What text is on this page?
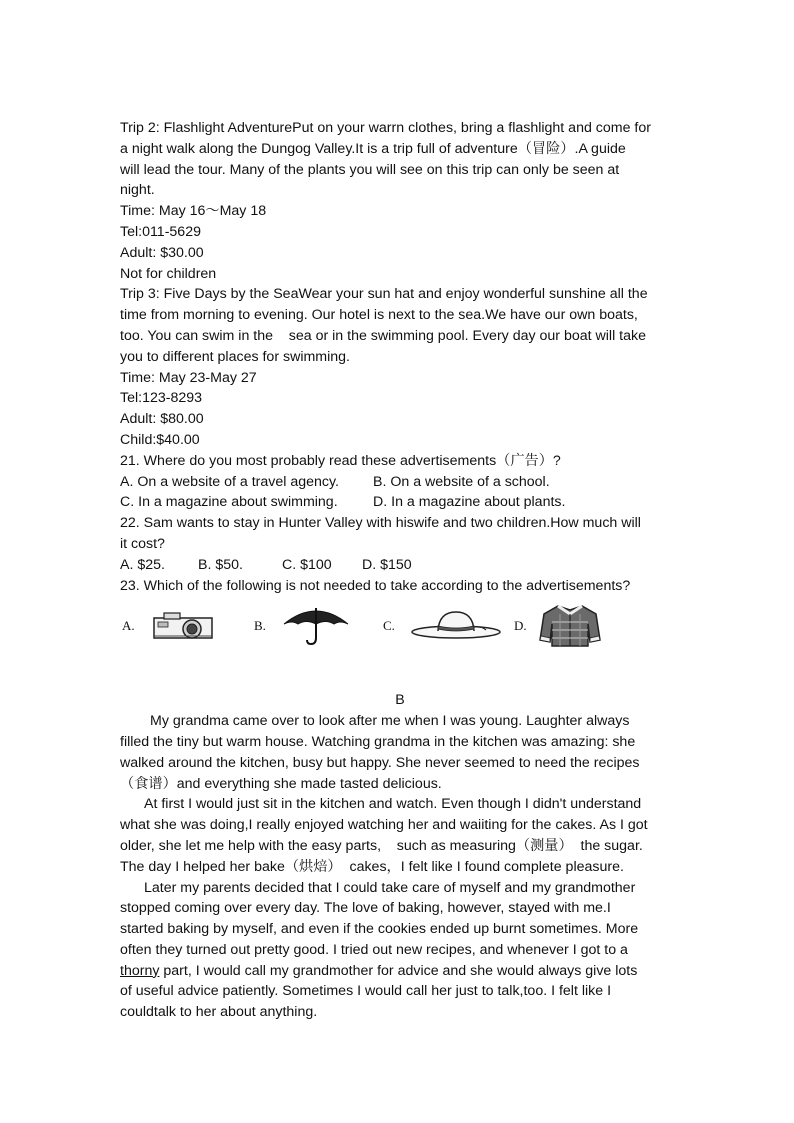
Trip 2: Flashlight AdventurePut on your warrn clothes, bring a flashlight and come for

a night walk along the Dungog Valley.It is a trip full of adventure（冒险）.A guide

will lead the tour. Many of the plants you will see on this trip can only be seen at

night.

Time: May 16～May 18

Tel:011-5629

Adult: $30.00

Not for children

Trip 3: Five Days by the SeaWear your sun hat and enjoy wonderful sunshine all the

time from morning to evening. Our hotel is next to the sea.We have our own boats,

too. You can swim in the    sea or in the swimming pool. Every day our boat will take

you to different places for swimming.

Time: May 23-May 27

Tel:123-8293

Adult: $80.00

Child:$40.00

21. Where do you most probably read these advertisements（广告）?

A. On a website of a travel agency. B. On a website of a school.

C. In a magazine about swimming. D. In a magazine about plants.

22. Sam wants to stay in Hunter Valley with hiswife and two children.How much will

it cost?

A. $25. B. $50.	C. $100 D. $150

23. Which of the following is not needed to take according to the advertisements?

A.	B.	C.	D.

B

My grandma came over to look after me when I was young. Laughter always

filled the tiny but warm house. Watching grandma in the kitchen was amazing: she

walked around the kitchen, busy but happy. She never seemed to need the recipes

（食谱）and everything she made tasted delicious.

At first I would just sit in the kitchen and watch. Even though I didn't understand

what she was doing,I really enjoyed watching her and waiiting for the cakes. As I got

older, she let me help with the easy parts,    such as measuring（测量）  the sugar.

The day I helped her bake（烘焙）  cakes，I felt like I found complete pleasure.

Later my parents decided that I could take care of myself and my grandmother

stopped coming over every day. The love of baking, however, stayed with me.I

started baking by myself, and even if the cookies ended up burnt sometimes. More

often they turned out pretty good. I tried out new recipes, and whenever I got to a

thorny part, I would call my grandmother for advice and she would always give lots

of useful advice patiently. Sometimes I would call her just to talk,too. I felt like I

couldtalk to her about anything.
